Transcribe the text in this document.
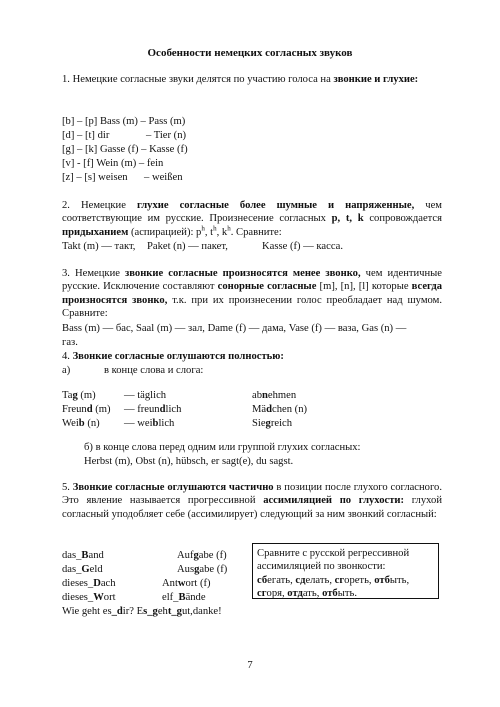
Особенности немецких согласных звуков
1. Немецкие согласные звуки делятся по участию голоса на звонкие и глухие:
[b] – [p] Bass (m) – Pass (m)
[d] – [t] dir	– Tier (n)
[g] – [k] Gasse (f) – Kasse (f)
[v] - [f] Wein (m) – fein
[z] – [s] weisen – weißen
2. Немецкие глухие согласные более шумные и напряженные, чем соответствующие им русские. Произнесение согласных p, t, k сопровождается придыханием (аспирацией): $p^h$, $t^h$, $k^h$. Сравните:
Takt (m) — такт, Paket (n) — пакет,	Kasse (f) — касса.
3. Немецкие звонкие согласные произносятся менее звонко, чем идентичные русские. Исключение составляют сонорные согласные [m], [n], [l] которые всегда произносятся звонко, т.к. при их произнесении голос преобладает над шумом. Сравните:
Bass (m) — бас, Saal (m) — зал, Dame (f) — дама, Vase (f) — ваза, Gas (n) —
газ.
4. Звонкие согласные оглушаются полностью:
а)	в конце слова и слога:
Tag (m)	— täglich	abnehmen
Freund (m) — freundlich	Mädchen (n)
Weib (n) — weiblich	Siegreich
б) в конце слова перед одним или группой глухих согласных:
Herbst (m), Obst (n), hübsch, er sagt(e), du sagst.
5. Звонкие согласные оглушаются частично в позиции после глухого согласного. Это явление называется прогрессивной ассимиляцией по глухости: глухой согласный уподобляет себе (ассимилирует) следующий за ним звонкий согласный:
das_Band	Aufgabe (f)
das_Geld	Ausgabe (f)
dieses_Dach	Antwort (f)
dieses_Wort	elf_Bände
Wie geht es_dir? Es_geht_gut,danke!
Сравните с русской регрессивной
ассимиляцией по звонкости:
сбегать, сделать, сгореть, отбыть,
сгоря, отдать, отбыть.
7
